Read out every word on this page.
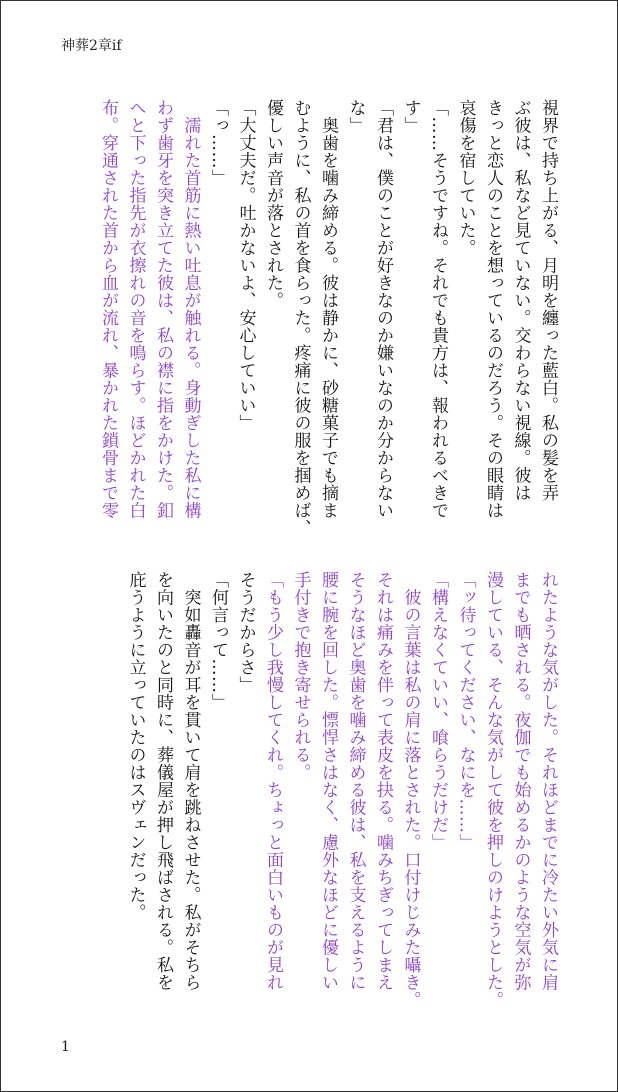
神葬2章if
視界で持ち上がる、月明を纏った藍白。私の髪を弄
ぶ彼は、私など見ていない。交わらない視線。彼は
きっと恋人のことを想っているのだろう。その眼睛は
哀傷を宿していた。
「……そうですね。それでも貴方は、報われるべきで
す」
「君は、僕のことが好きなのか嫌いなのか分からない
な」
　奥歯を噛み締める。彼は静かに、砂糖菓子でも摘ま
むように、私の首を食らった。疼痛に彼の服を掴めば、
優しい声音が落とされた。
「大丈夫だ。吐かないよ、安心していい」
「っ……」
　濡れた首筋に熱い吐息が触れる。身動ぎした私に構
わず歯牙を突き立てた彼は、私の襟に指をかけた。釦
へと下った指先が衣擦れの音を鳴らす。ほどかれた白
布。穿通された首から血が流れ、暴かれた鎖骨まで零
れたような気がした。それほどまでに冷たい外気に肩
までも晒される。夜伽でも始めるかのような空気が弥
漫している、そんな気がして彼を押しのけようとした。
「ッ待ってください、なにを……」
「構えなくていい、喰らうだけだ」
　彼の言葉は私の肩に落とされた。口付けじみた囁き。
それは痛みを伴って表皮を抉る。噛みちぎってしまえ
そうなほど奥歯を噛み締める彼は、私を支えるように
腰に腕を回した。慓悍さはなく、慮外なほどに優しい
手付きで抱き寄せられる。
「もう少し我慢してくれ。ちょっと面白いものが見れ
そうだからさ」
「何言って……」
　突如轟音が耳を貫いて肩を跳ねさせた。私がそちら
を向いたのと同時に、葬儀屋が押し飛ばされる。私を
庇うように立っていたのはスヴェンだった。
1
